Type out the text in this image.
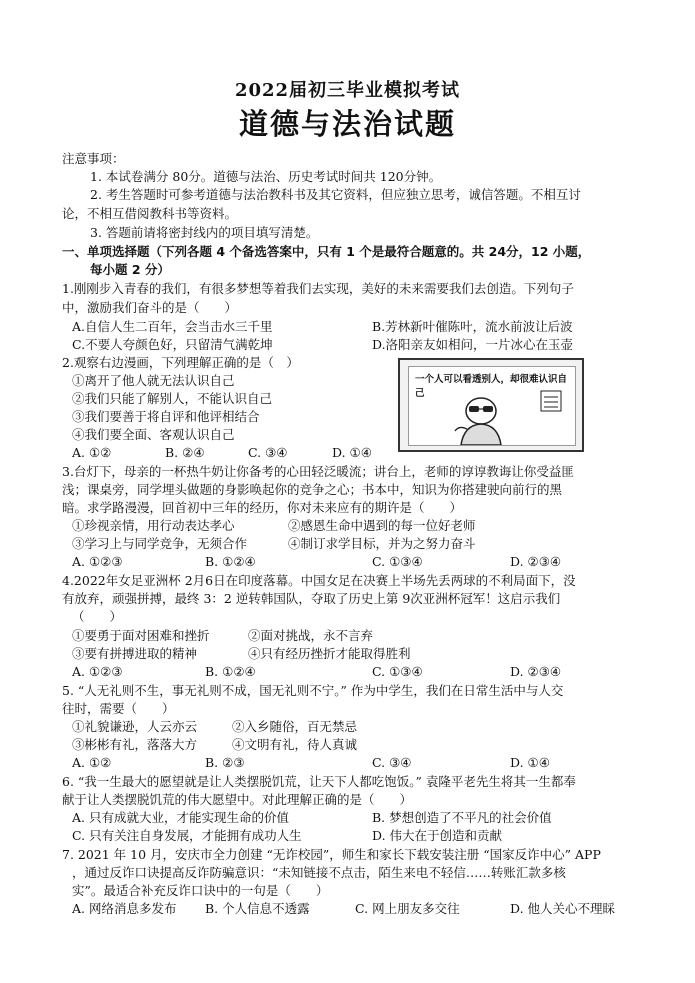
2022届初三毕业模拟考试
道德与法治试题
注意事项：
1. 本试卷满分 80分。道德与法治、历史考试时间共 120分钟。
2. 考生答题时可参考道德与法治教科书及其它资料，但应独立思考，诚信答题。不相互讨
论，不相互借阅教科书等资料。
3. 答题前请将密封线内的项目填写清楚。
一、单项选择题（下列各题 4 个备选答案中，只有 1 个是最符合题意的。共 24分，12 小题，
每小题 2 分）
1.刚刚步入青春的我们，有很多梦想等着我们去实现，美好的未来需要我们去创造。下列句子
中，激励我们奋斗的是（　　）
A.自信人生二百年，会当击水三千里	B.芳林新叶催陈叶，流水前波让后波
C.不要人夸颜色好，只留清气满乾坤	D.洛阳亲友如相问，一片冰心在玉壶
2.观察右边漫画，下列理解正确的是（　）
①离开了他人就无法认识自己
②我们只能了解别人，不能认识自己
③我们要善于将自评和他评相结合
④我们要全面、客观认识自己
A. ①②	B. ②④	C. ③④	D. ①④
一个人可以看透别人，却很难认识自己
3.台灯下，母亲的一杯热牛奶让你备考的心田轻泛暖流；讲台上，老师的谆谆教诲让你受益匪
浅；课桌旁，同学埋头做题的身影唤起你的竞争之心；书本中，知识为你搭建驶向前行的黑
暗。求学路漫漫，回首初中三年的经历，你对未来应有的期许是（　　）
①珍视亲情，用行动表达孝心	②感恩生命中遇到的每一位好老师
③学习上与同学竞争，无须合作	④制订求学目标，并为之努力奋斗
A. ①②③	B. ①②④	C. ①③④	D. ②③④
4.2022年女足亚洲杯 2月6日在印度落幕。中国女足在决赛上半场先丢两球的不利局面下，没
有放弃，顽强拼搏，最终 3：2 逆转韩国队，夺取了历史上第 9次亚洲杯冠军！这启示我们
（　　）
①要勇于面对困难和挫折	②面对挑战，永不言弃
③要有拼搏进取的精神	④只有经历挫折才能取得胜利
A. ①②③	B. ①②④	C. ①③④	D. ②③④
5. “人无礼则不生，事无礼则不成，国无礼则不宁。” 作为中学生，我们在日常生活中与人交
往时，需要（　　）
①礼貌谦逊，人云亦云	②入乡随俗，百无禁忌
③彬彬有礼，落落大方	④文明有礼，待人真诚
A. ①②	B. ②③	C. ③④	D. ①④
6. “我一生最大的愿望就是让人类摆脱饥荒，让天下人都吃饱饭。” 袁隆平老先生将其一生都奉
献于让人类摆脱饥荒的伟大愿望中。对此理解正确的是（　　）
A. 只有成就大业，才能实现生命的价值	B. 梦想创造了不平凡的社会价值
C. 只有关注自身发展，才能拥有成功人生	D. 伟大在于创造和贡献
7. 2021 年 10 月，安庆市全力创建 “无诈校园”，师生和家长下载安装注册 “国家反诈中心” APP
，通过反诈口诀提高反诈防骗意识：“未知链接不点击，陌生来电不轻信……转账汇款多核
实”。最适合补充反诈口诀中的一句是（　　）
A. 网络消息多发布 B. 个人信息不透露	C. 网上朋友多交往	D. 他人关心不理睬
